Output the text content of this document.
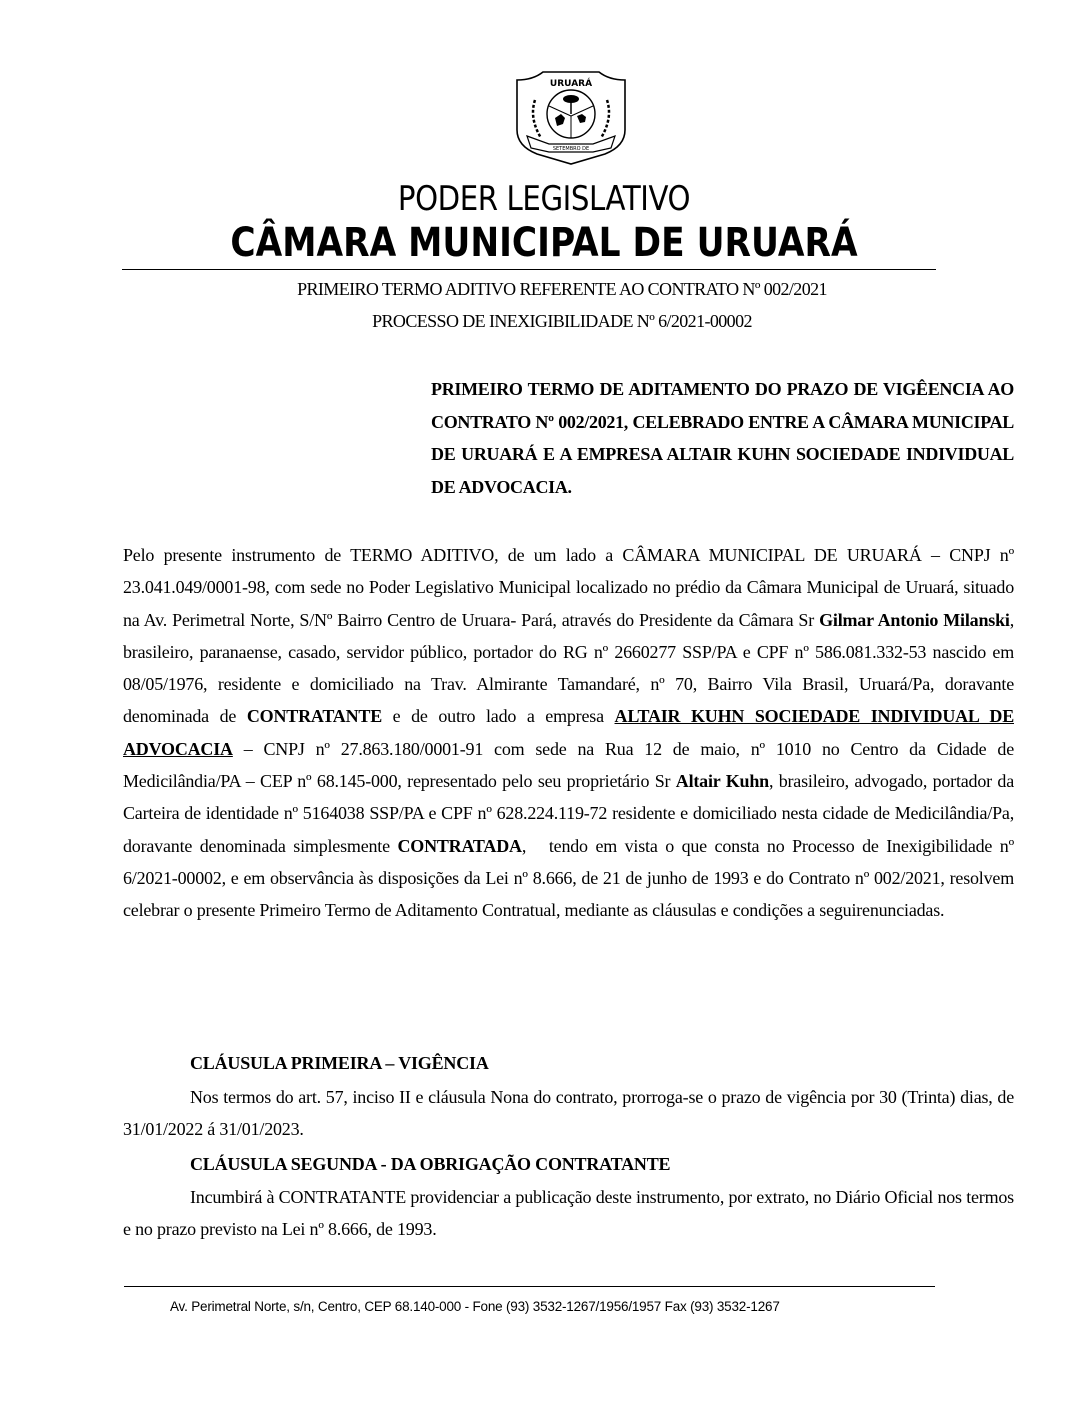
URUARÁ
SETEMBRO DE
PODER LEGISLATIVO
CÂMARA MUNICIPAL DE URUARÁ
PRIMEIRO TERMO ADITIVO REFERENTE AO CONTRATO Nº 002/2021
PROCESSO DE INEXIGIBILIDADE Nº 6/2021-00002
PRIMEIRO TERMO DE ADITAMENTO DO PRAZO DE VIGÊENCIA AO CONTRATO Nº 002/2021, CELEBRADO ENTRE A CÂMARA MUNICIPAL DE URUARÁ E A EMPRESA ALTAIR KUHN SOCIEDADE INDIVIDUAL DE ADVOCACIA.
Pelo presente instrumento de TERMO ADITIVO, de um lado a CÂMARA MUNICIPAL DE URUARÁ – CNPJ nº 23.041.049/0001-98, com sede no Poder Legislativo Municipal localizado no prédio da Câmara Municipal de Uruará, situado na Av. Perimetral Norte, S/Nº Bairro Centro de Uruara- Pará, através do Presidente da Câmara Sr Gilmar Antonio Milanski, brasileiro, paranaense, casado, servidor público, portador do RG nº 2660277 SSP/PA e CPF nº 586.081.332-53 nascido em 08/05/1976, residente e domiciliado na Trav. Almirante Tamandaré, nº 70, Bairro Vila Brasil, Uruará/Pa, doravante denominada de CONTRATANTE e de outro lado a empresa ALTAIR KUHN SOCIEDADE INDIVIDUAL DE ADVOCACIA – CNPJ nº 27.863.180/0001-91 com sede na Rua 12 de maio, nº 1010 no Centro da Cidade de Medicilândia/PA – CEP nº 68.145-000, representado pelo seu proprietário Sr Altair Kuhn, brasileiro, advogado, portador da Carteira de identidade nº 5164038 SSP/PA e CPF nº 628.224.119-72 residente e domiciliado nesta cidade de Medicilândia/Pa, doravante denominada simplesmente CONTRATADA,   tendo em vista o que consta no Processo de Inexigibilidade nº 6/2021-00002, e em observância às disposições da Lei nº 8.666, de 21 de junho de 1993 e do Contrato nº 002/2021, resolvem celebrar o presente Primeiro Termo de Aditamento Contratual, mediante as cláusulas e condições a seguirenunciadas.
CLÁUSULA PRIMEIRA – VIGÊNCIA
Nos termos do art. 57, inciso II e cláusula Nona do contrato, prorroga-se o prazo de vigência por 30 (Trinta) dias, de 31/01/2022 á 31/01/2023.
CLÁUSULA SEGUNDA - DA OBRIGAÇÃO CONTRATANTE
Incumbirá à CONTRATANTE providenciar a publicação deste instrumento, por extrato, no Diário Oficial nos termos e no prazo previsto na Lei nº 8.666, de 1993.
Av. Perimetral Norte, s/n, Centro, CEP 68.140-000 - Fone (93) 3532-1267/1956/1957 Fax (93) 3532-1267
